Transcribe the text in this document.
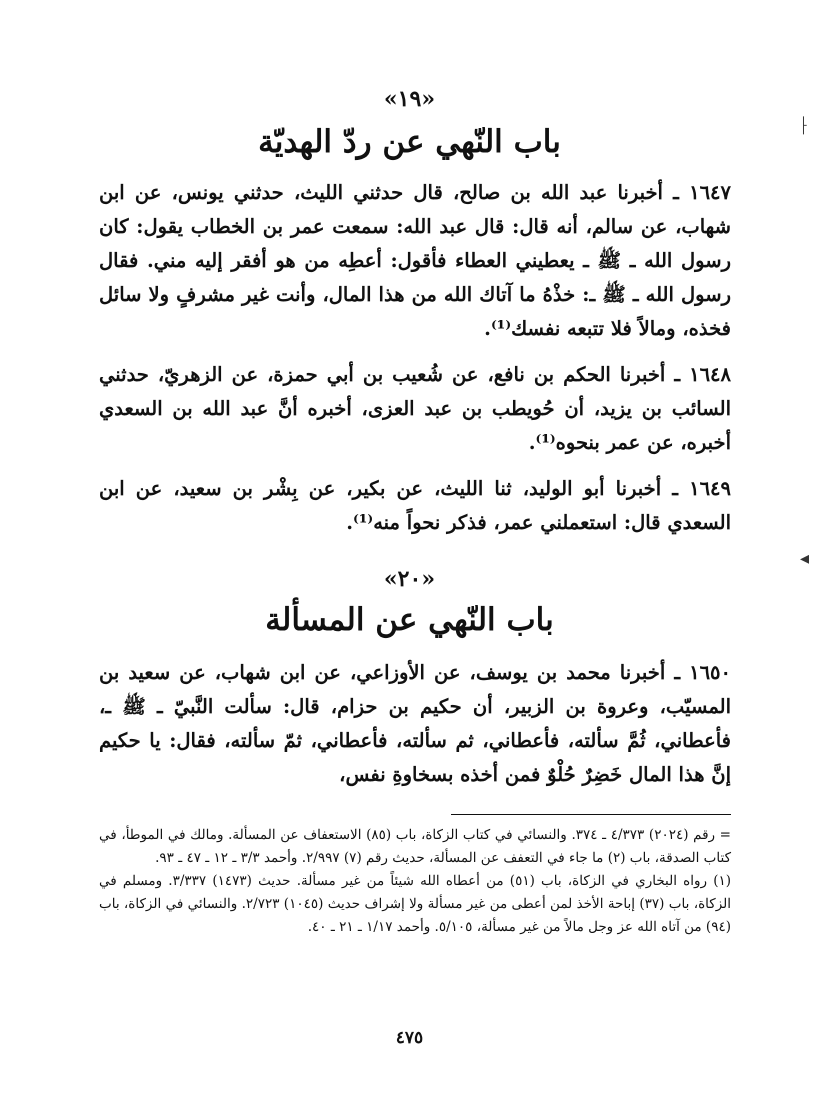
«١٩»
باب النّهي عن ردّ الهديّة

١٦٤٧ ـ أخبرنا عبد الله بن صالح، قال حدثني الليث، حدثني يونس، عن ابن شهاب، عن سالم، أنه قال: قال عبد الله: سمعت عمر بن الخطاب يقول: كان رسول الله ـ ﷺ ـ يعطيني العطاء فأقول: أعطِه من هو أفقر إليه مني. فقال رسول الله ـ ﷺ ـ: خذْهُ ما آتاك الله من هذا المال، وأنت غير مشرفٍ ولا سائل فخذه، ومالاً فلا تتبعه نفسك⁽¹⁾.

١٦٤٨ ـ أخبرنا الحكم بن نافع، عن شُعيب بن أبي حمزة، عن الزهريّ، حدثني السائب بن يزيد، أن حُويطب بن عبد العزى، أخبره أنَّ عبد الله بن السعدي أخبره، عن عمر بنحوه⁽¹⁾.

١٦٤٩ ـ أخبرنا أبو الوليد، ثنا الليث، عن بكير، عن بِشْر بن سعيد، عن ابن السعدي قال: استعملني عمر، فذكر نحواً منه⁽¹⁾.

«٢٠»
باب النّهي عن المسألة

١٦٥٠ ـ أخبرنا محمد بن يوسف، عن الأوزاعي، عن ابن شهاب، عن سعيد بن المسيّب، وعروة بن الزبير، أن حكيم بن حزام، قال: سألت النَّبيّ ـ ﷺ ـ، فأعطاني، ثُمَّ سألته، فأعطاني، ثم سألته، فأعطاني، ثمّ سألته، فقال: يا حكيم إنَّ هذا المال خَضِرٌ حُلْوٌ فمن أخذه بسخاوةِ نفس،

= رقم (٢٠٢٤) ٤/٣٧٣ ـ ٣٧٤. والنسائي في كتاب الزكاة، باب (٨٥) الاستعفاف عن المسألة. ومالك في الموطأ، في كتاب الصدقة، باب (٢) ما جاء في التعفف عن المسألة، حديث رقم (٧) ٢/٩٩٧. وأحمد ٣/٣ ـ ١٢ ـ ٤٧ ـ ٩٣.

(١) رواه البخاري في الزكاة، باب (٥١) من أعطاه الله شيئاً من غير مسألة. حديث (١٤٧٣) ٣/٣٣٧. ومسلم في الزكاة، باب (٣٧) إباحة الأخذ لمن أعطى من غير مسألة ولا إشراف حديث (١٠٤٥) ٢/٧٢٣. والنسائي في الزكاة، باب (٩٤) من آتاه الله عز وجل مالاً من غير مسألة، ٥/١٠٥. وأحمد ١/١٧ ـ ٢١ ـ ٤٠.

٤٧٥
⸡
◂
